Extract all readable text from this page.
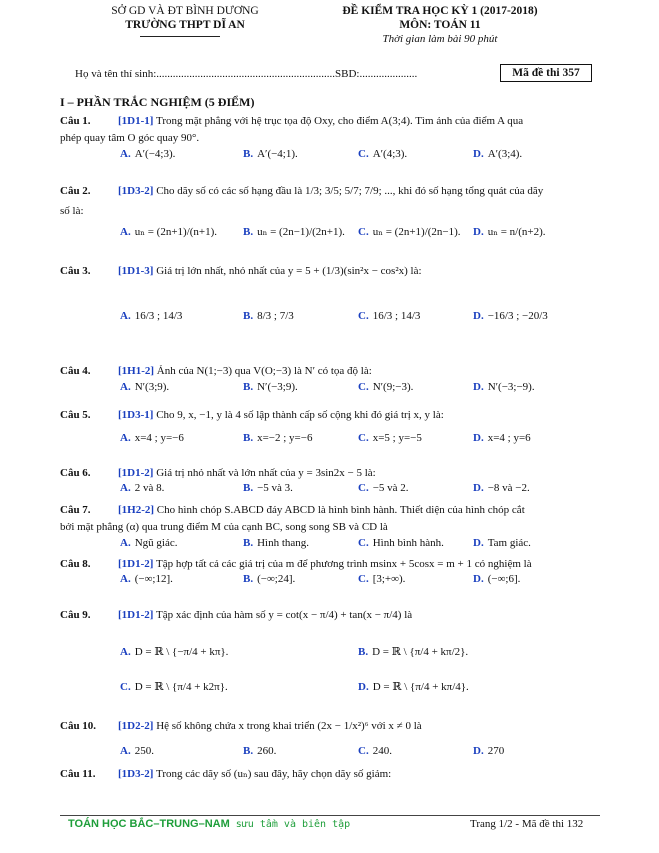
SỞ GD VÀ ĐT BÌNH DƯƠNG
TRƯỜNG THPT DĨ AN
ĐỀ KIỂM TRA HỌC KỲ 1 (2017-2018)
MÔN: TOÁN 11
Thời gian làm bài 90 phút
Họ và tên thí sinh:.................................................................SBD:.....................	Mã đề thi 357
I – PHẦN TRẮC NGHIỆM (5 ĐIỂM)
Câu 1. [1D1-1] Trong mặt phẳng với hệ trục tọa độ Oxy, cho điểm A(3;4). Tìm ảnh của điểm A qua
phép quay tâm O góc quay 90°.
A. A′(−4;3).	B. A′(−4;1).	C. A′(4;3).	D. A′(3;4).
Câu 2. [1D3-2] Cho dãy số có các số hạng đầu là 1/3; 3/5; 5/7; 7/9; ..., khi đó số hạng tổng quát của dãy
số là:
A. uₙ = (2n+1)/(n+1). B. uₙ = (2n−1)/(2n+1). C. uₙ = (2n+1)/(2n−1). D. uₙ = n/(n+2).
Câu 3. [1D1-3] Giá trị lớn nhất, nhỏ nhất của y = 5 + (1/3)(sin²x − cos²x) là:
A. 16/3 ; 14/3	B. 8/3 ; 7/3	C. 16/3 ; 14/3	D. −16/3 ; −20/3
Câu 4. [1H1-2] Ảnh của N(1;−3) qua V(O;−3) là N′ có tọa độ là:
A. N′(3;9).	B. N′(−3;9).	C. N′(9;−3).	D. N′(−3;−9).
Câu 5. [1D3-1] Cho 9, x, −1, y là 4 số lập thành cấp số cộng khi đó giá trị x, y là:
A. x=4 ; y=−6	B. x=−2 ; y=−6	C. x=5 ; y=−5	D. x=4 ; y=6
Câu 6. [1D1-2] Giá trị nhỏ nhất và lớn nhất của y = 3sin2x − 5 là:
A. 2 và 8.	B. −5 và 3.	C. −5 và 2.	D. −8 và −2.
Câu 7. [1H2-2] Cho hình chóp S.ABCD đáy ABCD là hình bình hành. Thiết diện của hình chóp cắt
bởi mặt phẳng (α) qua trung điểm M của cạnh BC, song song SB và CD là
A. Ngũ giác.	B. Hình thang.	C. Hình bình hành.	D. Tam giác.
Câu 8. [1D1-2] Tập hợp tất cả các giá trị của m để phương trình msinx + 5cosx = m + 1 có nghiệm là
A. (−∞;12].	B. (−∞;24].	C. [3;+∞).	D. (−∞;6].
Câu 9. [1D1-2] Tập xác định của hàm số y = cot(x − π/4) + tan(x − π/4) là
A. D = ℝ \ {−π/4 + kπ}.	B. D = ℝ \ {π/4 + kπ/2}.
C. D = ℝ \ {π/4 + k2π}.	D. D = ℝ \ {π/4 + kπ/4}.
Câu 10. [1D2-2] Hệ số không chứa x trong khai triển (2x − 1/x²)⁶ với x ≠ 0 là
A. 250.	B. 260.	C. 240.	D. 270
Câu 11. [1D3-2] Trong các dãy số (uₙ) sau đây, hãy chọn dãy số giảm:
TOÁN HỌC BẮC–TRUNG–NAM sưu tầm và biên tập	Trang 1/2 - Mã đề thi 132
